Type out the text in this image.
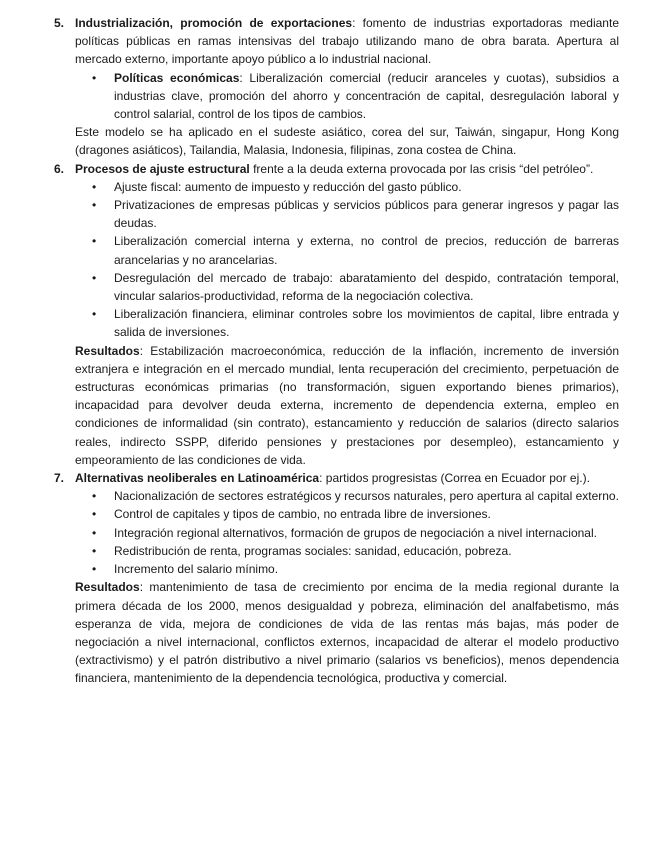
5. Industrialización, promoción de exportaciones: fomento de industrias exportadoras mediante políticas públicas en ramas intensivas del trabajo utilizando mano de obra barata. Apertura al mercado externo, importante apoyo público a lo industrial nacional.

• Políticas económicas: Liberalización comercial (reducir aranceles y cuotas), subsidios a industrias clave, promoción del ahorro y concentración de capital, desregulación laboral y control salarial, control de los tipos de cambios.

Este modelo se ha aplicado en el sudeste asiático, corea del sur, Taiwán, singapur, Hong Kong (dragones asiáticos), Tailandia, Malasia, Indonesia, filipinas, zona costea de China.

6. Procesos de ajuste estructural frente a la deuda externa provocada por las crisis “del petróleo”.

• Ajuste fiscal: aumento de impuesto y reducción del gasto público.
• Privatizaciones de empresas públicas y servicios públicos para generar ingresos y pagar las deudas.
• Liberalización comercial interna y externa, no control de precios, reducción de barreras arancelarias y no arancelarias.
• Desregulación del mercado de trabajo: abaratamiento del despido, contratación temporal, vincular salarios-productividad, reforma de la negociación colectiva.
• Liberalización financiera, eliminar controles sobre los movimientos de capital, libre entrada y salida de inversiones.

Resultados: Estabilización macroeconómica, reducción de la inflación, incremento de inversión extranjera e integración en el mercado mundial, lenta recuperación del crecimiento, perpetuación de estructuras económicas primarias (no transformación, siguen exportando bienes primarios), incapacidad para devolver deuda externa, incremento de dependencia externa, empleo en condiciones de informalidad (sin contrato), estancamiento y reducción de salarios (directo salarios reales, indirecto SSPP, diferido pensiones y prestaciones por desempleo), estancamiento y empeoramiento de las condiciones de vida.

7. Alternativas neoliberales en Latinoamérica: partidos progresistas (Correa en Ecuador por ej.).

• Nacionalización de sectores estratégicos y recursos naturales, pero apertura al capital externo.
• Control de capitales y tipos de cambio, no entrada libre de inversiones.
• Integración regional alternativos, formación de grupos de negociación a nivel internacional.
• Redistribución de renta, programas sociales: sanidad, educación, pobreza.
• Incremento del salario mínimo.

Resultados: mantenimiento de tasa de crecimiento por encima de la media regional durante la primera década de los 2000, menos desigualdad y pobreza, eliminación del analfabetismo, más esperanza de vida, mejora de condiciones de vida de las rentas más bajas, más poder de negociación a nivel internacional, conflictos externos, incapacidad de alterar el modelo productivo (extractivismo) y el patrón distributivo a nivel primario (salarios vs beneficios), menos dependencia financiera, mantenimiento de la dependencia tecnológica, productiva y comercial.
